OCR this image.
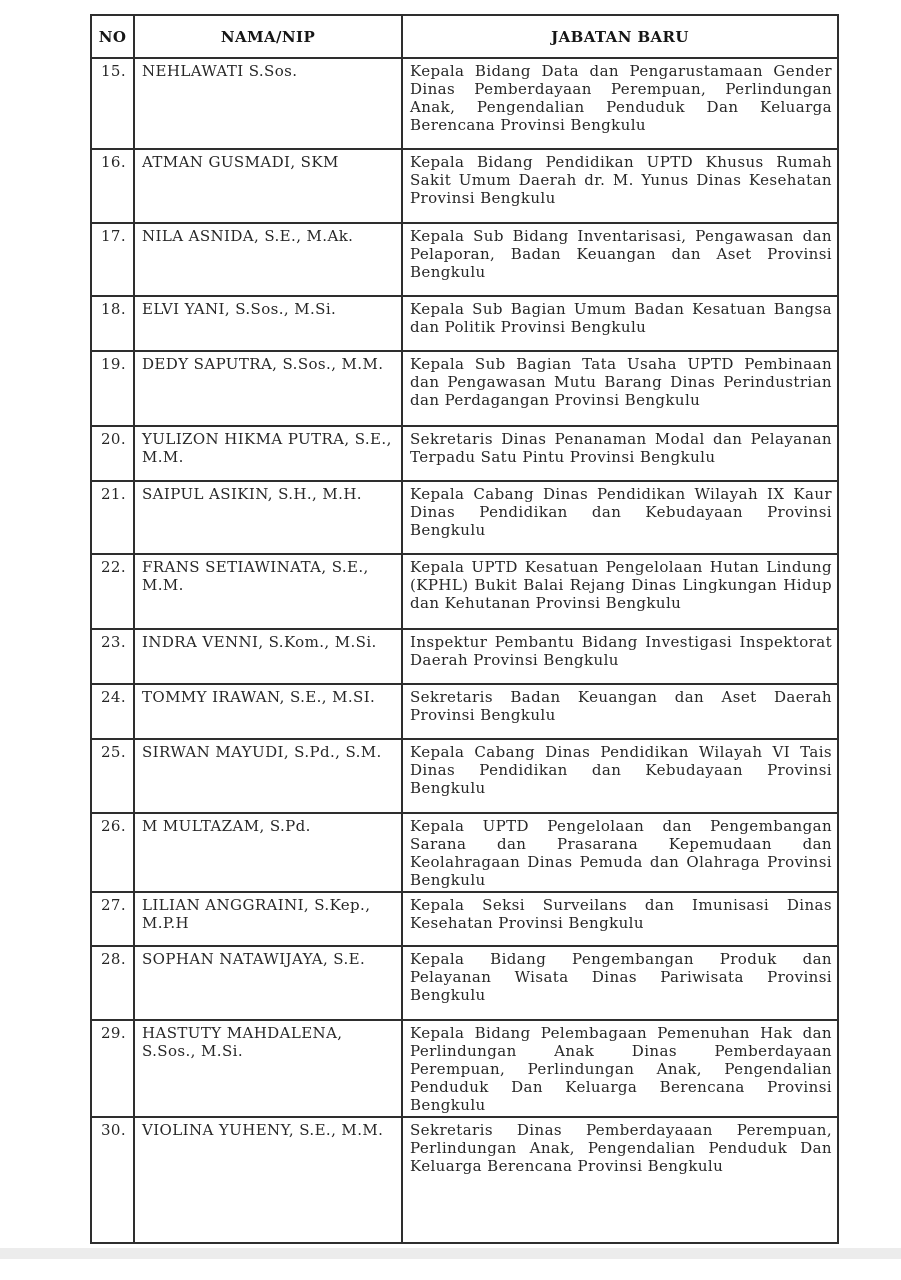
NO	NAMA/NIP	JABATAN BARU
15.	NEHLAWATI S.Sos.	Kepala Bidang Data dan Pengarustamaan Gender Dinas Pemberdayaan Perempuan, Perlindungan Anak, Pengendalian Penduduk Dan Keluarga Berencana Provinsi Bengkulu
16.	ATMAN GUSMADI, SKM	Kepala Bidang Pendidikan UPTD Khusus Rumah Sakit Umum Daerah dr. M. Yunus Dinas Kesehatan Provinsi Bengkulu
17.	NILA ASNIDA, S.E., M.Ak.	Kepala Sub Bidang Inventarisasi, Pengawasan dan Pelaporan, Badan Keuangan dan Aset Provinsi Bengkulu
18.	ELVI YANI, S.Sos., M.Si.	Kepala Sub Bagian Umum Badan Kesatuan Bangsa dan Politik Provinsi Bengkulu
19.	DEDY SAPUTRA, S.Sos., M.M.	Kepala Sub Bagian Tata Usaha UPTD Pembinaan dan Pengawasan Mutu Barang Dinas Perindustrian dan Perdagangan Provinsi Bengkulu
20.	YULIZON HIKMA PUTRA, S.E., M.M.	Sekretaris Dinas Penanaman Modal dan Pelayanan Terpadu Satu Pintu Provinsi Bengkulu
21.	SAIPUL ASIKIN, S.H., M.H.	Kepala Cabang Dinas Pendidikan Wilayah IX Kaur Dinas Pendidikan dan Kebudayaan Provinsi Bengkulu
22.	FRANS SETIAWINATA, S.E., M.M.	Kepala UPTD Kesatuan Pengelolaan Hutan Lindung (KPHL) Bukit Balai Rejang Dinas Lingkungan Hidup dan Kehutanan Provinsi Bengkulu
23.	INDRA VENNI, S.Kom., M.Si.	Inspektur Pembantu Bidang Investigasi Inspektorat Daerah Provinsi Bengkulu
24.	TOMMY IRAWAN, S.E., M.SI.	Sekretaris Badan Keuangan dan Aset Daerah Provinsi Bengkulu
25.	SIRWAN MAYUDI, S.Pd., S.M.	Kepala Cabang Dinas Pendidikan Wilayah VI Tais Dinas Pendidikan dan Kebudayaan Provinsi Bengkulu
26.	M MULTAZAM, S.Pd.	Kepala UPTD Pengelolaan dan Pengembangan Sarana dan Prasarana Kepemudaan dan Keolahragaan Dinas Pemuda dan Olahraga Provinsi Bengkulu
27.	LILIAN ANGGRAINI, S.Kep., M.P.H	Kepala Seksi Surveilans dan Imunisasi Dinas Kesehatan Provinsi Bengkulu
28.	SOPHAN NATAWIJAYA, S.E.	Kepala Bidang Pengembangan Produk dan Pelayanan Wisata Dinas Pariwisata Provinsi Bengkulu
29.	HASTUTY MAHDALENA, S.Sos., M.Si.	Kepala Bidang Pelembagaan Pemenuhan Hak dan Perlindungan Anak Dinas Pemberdayaan Perempuan, Perlindungan Anak, Pengendalian Penduduk Dan Keluarga Berencana Provinsi Bengkulu
30.	VIOLINA YUHENY, S.E., M.M.	Sekretaris Dinas Pemberdayaaan Perempuan, Perlindungan Anak, Pengendalian Penduduk Dan Keluarga Berencana Provinsi Bengkulu
